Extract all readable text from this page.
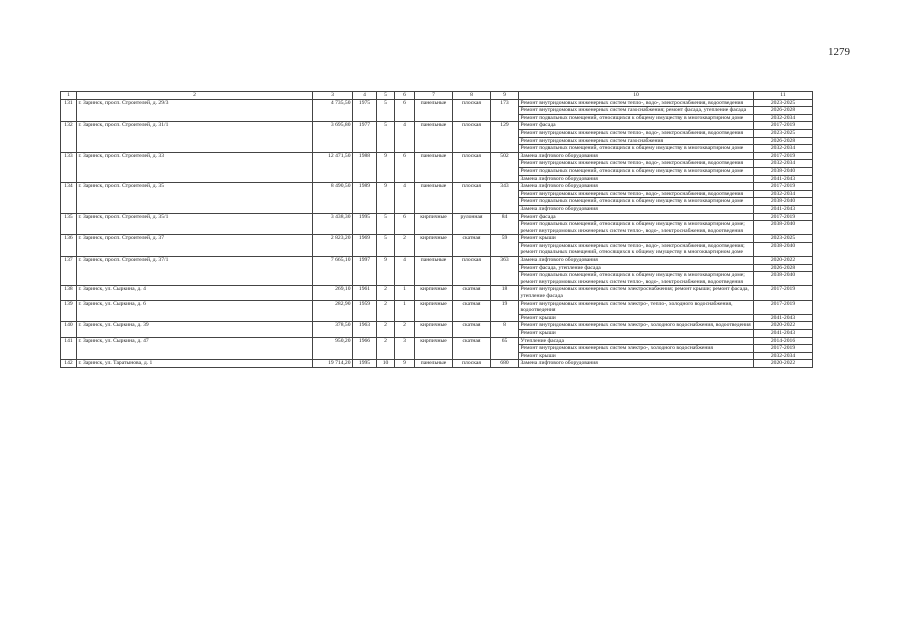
1279
1	2	3	4	5	6	7	8	9	10	11
131	г. Заринск, просп. Строителей, д. 29/3	4 735,50	1975	5	6	панельные	плоская	173	Ремонт внутридомовых инженерных систем тепло-, водо-, электроснабжения, водоотведения	2023-2025
									Ремонт внутридомовых инженерных систем газоснабжения; ремонт фасада, утепление фасада	2026-2028
									Ремонт подвальных помещений, относящихся к общему имуществу в многоквартирном доме	2032-2034
132	г. Заринск, просп. Строителей, д. 31/1	3 695,80	1977	5	4	панельные	плоская	129	Ремонт фасада	2017-2019
									Ремонт внутридомовых инженерных систем тепло-, водо-, электроснабжения, водоотведения	2023-2025
									Ремонт внутридомовых инженерных систем газоснабжения	2026-2028
									Ремонт подвальных помещений, относящихся к общему имуществу в многоквартирном доме	2032-2034
133	г. Заринск, просп. Строителей, д. 33	12 471,50	1988	9	6	панельные	плоская	502	Замена лифтового оборудования	2017-2019
									Ремонт внутридомовых инженерных систем тепло-, водо-, электроснабжения, водоотведения	2032-2034
									Ремонт подвальных помещений, относящихся к общему имуществу в многоквартирном доме	2038-2040
									Замена лифтового оборудования	2041-2043
134	г. Заринск, просп. Строителей, д. 35	8 490,50	1989	9	4	панельные	плоская	343	Замена лифтового оборудования	2017-2019
									Ремонт внутридомовых инженерных систем тепло-, водо-, электроснабжения, водоотведения	2032-2034
									Ремонт подвальных помещений, относящихся к общему имуществу в многоквартирном доме	2038-2040
									Замена лифтового оборудования	2041-2043
135	г. Заринск, просп. Строителей, д. 35/1	3 438,30	1995	5	6	кирпичные	рулонная	84	Ремонт фасада	2017-2019
									Ремонт подвальных помещений, относящихся к общему имуществу в многоквартирном доме; ремонт внутридомовых инженерных систем тепло-, водо-, электроснабжения, водоотведения	2038-2040
136	г. Заринск, просп. Строителей, д. 37	2 823,20	1969	5	2	кирпичные	скатная	59	Ремонт крыши	2023-2025
									Ремонт внутридомовых инженерных систем тепло-, водо-, электроснабжения, водоотведения; ремонт подвальных помещений, относящихся к общему имуществу в многоквартирном доме	2038-2040
137	г. Заринск, просп. Строителей, д. 37/1	7 665,10	1997	9	4	панельные	плоская	363	Замена лифтового оборудования	2020-2022
									Ремонт фасада, утепление фасада	2026-2028
									Ремонт подвальных помещений, относящихся к общему имуществу в многоквартирном доме; ремонт внутридомовых инженерных систем тепло-, водо-, электроснабжения, водоотведения	2038-2040
138	г. Заринск, ул. Сыркина, д. 4	269,10	1961	2	1	кирпичные	скатная	18	Ремонт внутридомовых инженерных систем электроснабжения; ремонт крыши; ремонт фасада, утепление фасада	2017-2019
139	г. Заринск, ул. Сыркина, д. 6	282,90	1959	2	1	кирпичные	скатная	19	Ремонт внутридомовых инженерных систем электро-, тепло-, холодного водоснабжения, водоотведения	2017-2019
									Ремонт крыши	2041-2043
140	г. Заринск, ул. Сыркина, д. 39	378,50	1963	2	2	кирпичные	скатная	8	Ремонт внутридомовых инженерных систем электро-, холодного водоснабжения, водоотведения	2020-2022
									Ремонт крыши	2041-2043
141	г. Заринск, ул. Сыркина, д. 47	950,20	1966	2	3	кирпичные	скатная	65	Утепление фасада	2014-2016
									Ремонт внутридомовых инженерных систем электро-, холодного водоснабжения	2017-2019
									Ремонт крыши	2032-2034
142	г. Заринск, ул. Таратынова, д. 1	19 714,20	1995	10	9	панельные	плоская	680	Замена лифтового оборудования	2020-2022
